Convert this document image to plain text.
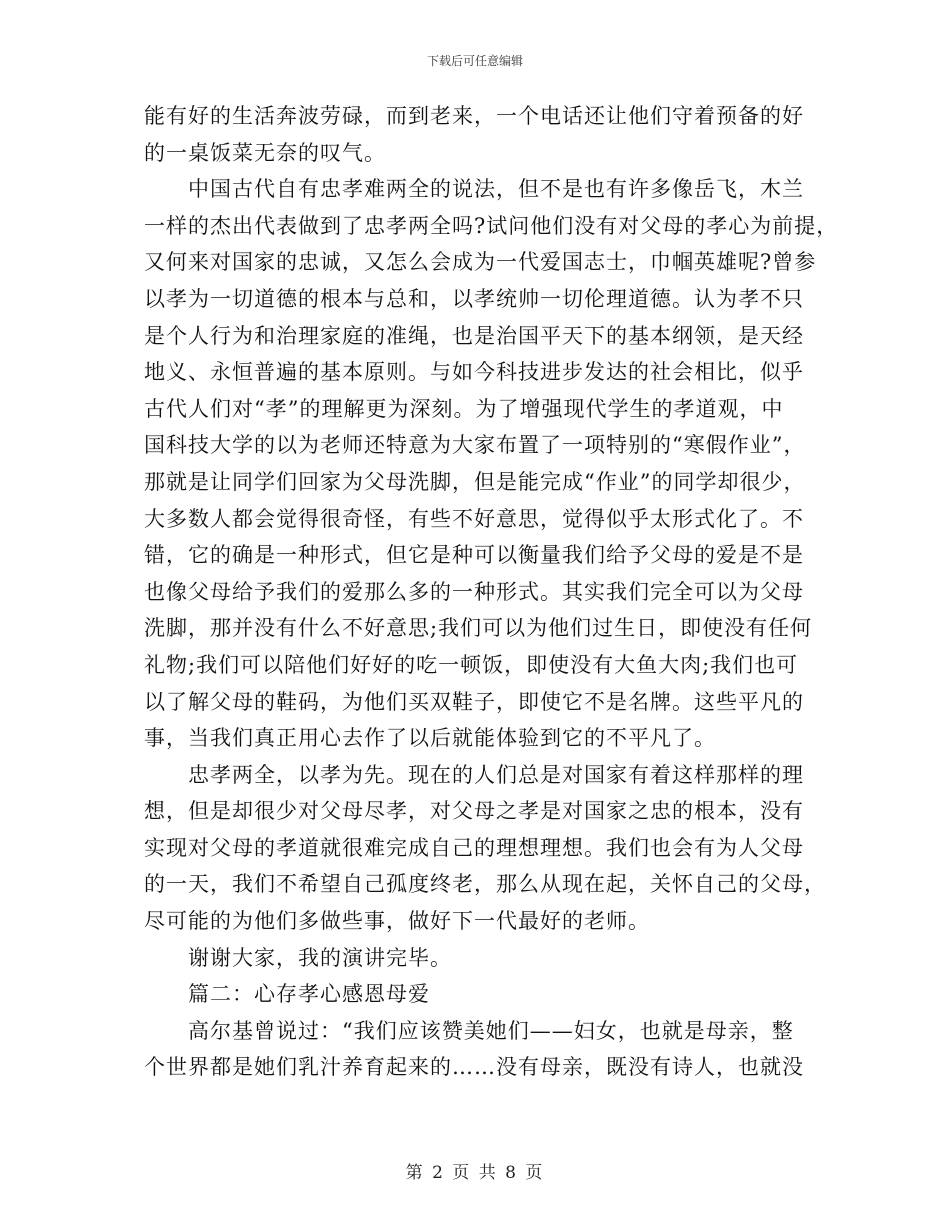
下载后可任意编辑
能有好的生活奔波劳碌，而到老来，一个电话还让他们守着预备的好
的一桌饭菜无奈的叹气。
中国古代自有忠孝难两全的说法，但不是也有许多像岳飞，木兰
一样的杰出代表做到了忠孝两全吗?试问他们没有对父母的孝心为前提，
又何来对国家的忠诚，又怎么会成为一代爱国志士，巾帼英雄呢?曾参
以孝为一切道德的根本与总和，以孝统帅一切伦理道德。认为孝不只
是个人行为和治理家庭的准绳，也是治国平天下的基本纲领，是天经
地义、永恒普遍的基本原则。与如今科技进步发达的社会相比，似乎
古代人们对“孝”的理解更为深刻。为了增强现代学生的孝道观，中
国科技大学的以为老师还特意为大家布置了一项特别的“寒假作业”，
那就是让同学们回家为父母洗脚，但是能完成“作业”的同学却很少，
大多数人都会觉得很奇怪，有些不好意思，觉得似乎太形式化了。不
错，它的确是一种形式，但它是种可以衡量我们给予父母的爱是不是
也像父母给予我们的爱那么多的一种形式。其实我们完全可以为父母
洗脚，那并没有什么不好意思;我们可以为他们过生日，即使没有任何
礼物;我们可以陪他们好好的吃一顿饭，即使没有大鱼大肉;我们也可
以了解父母的鞋码，为他们买双鞋子，即使它不是名牌。这些平凡的
事，当我们真正用心去作了以后就能体验到它的不平凡了。
忠孝两全，以孝为先。现在的人们总是对国家有着这样那样的理
想，但是却很少对父母尽孝，对父母之孝是对国家之忠的根本，没有
实现对父母的孝道就很难完成自己的理想理想。我们也会有为人父母
的一天，我们不希望自己孤度终老，那么从现在起，关怀自己的父母，
尽可能的为他们多做些事，做好下一代最好的老师。
谢谢大家，我的演讲完毕。
篇二：心存孝心感恩母爱
高尔基曾说过：“我们应该赞美她们——妇女，也就是母亲，整
个世界都是她们乳汁养育起来的……没有母亲，既没有诗人，也就没
第 2 页 共 8 页
